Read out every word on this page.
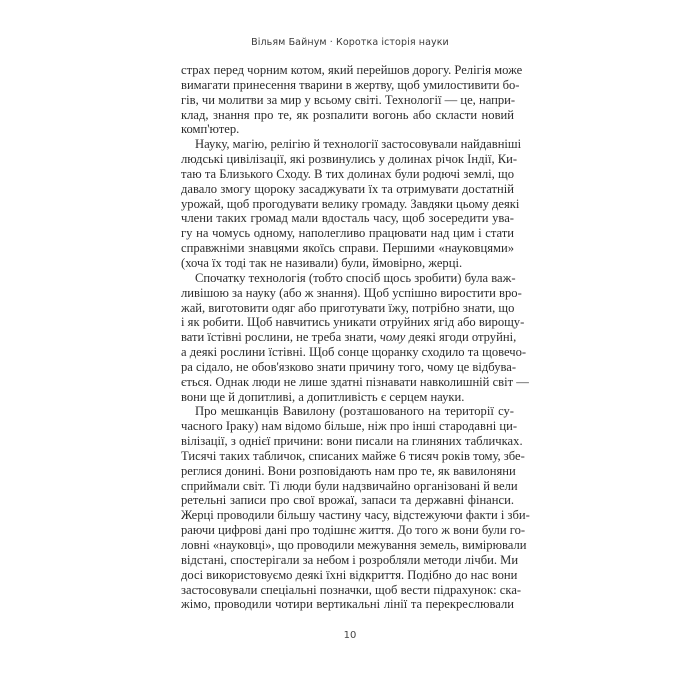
Вільям Байнум · Коротка історія науки
страх перед чорним котом, який перейшов дорогу. Релігія може
вимагати принесення тварини в жертву, щоб умилостивити бо-
гів, чи молитви за мир у всьому світі. Технології — це, напри-
клад, знання про те, як розпалити вогонь або скласти новий
комп'ютер.
Науку, магію, релігію й технології застосовували найдавніші
людські цивілізації, які розвинулись у долинах річок Індії, Ки-
таю та Близького Сходу. В тих долинах були родючі землі, що
давало змогу щороку засаджувати їх та отримувати достатній
урожай, щоб прогодувати велику громаду. Завдяки цьому деякі
члени таких громад мали вдосталь часу, щоб зосередити ува-
гу на чомусь одному, наполегливо працювати над цим і стати
справжніми знавцями якоїсь справи. Першими «науковцями»
(хоча їх тоді так не називали) були, ймовірно, жерці.
Спочатку технологія (тобто спосіб щось зробити) була важ-
ливішою за науку (або ж знання). Щоб успішно виростити вро-
жай, виготовити одяг або приготувати їжу, потрібно знати, що
і як робити. Щоб навчитись уникати отруйних ягід або вирощу-
вати їстівні рослини, не треба знати, чому деякі ягоди отруйні,
а деякі рослини їстівні. Щоб сонце щоранку сходило та щовечо-
ра сідало, не обов'язково знати причину того, чому це відбува-
ється. Однак люди не лише здатні пізнавати навколишній світ —
вони ще й допитливі, а допитливість є серцем науки.
Про мешканців Вавилону (розташованого на території су-
часного Іраку) нам відомо більше, ніж про інші стародавні ци-
вілізації, з однієї причини: вони писали на глиняних табличках.
Тисячі таких табличок, списаних майже 6 тисяч років тому, збе-
реглися донині. Вони розповідають нам про те, як вавилоняни
сприймали світ. Ті люди були надзвичайно організовані й вели
ретельні записи про свої врожаї, запаси та державні фінанси.
Жерці проводили більшу частину часу, відстежуючи факти і зби-
раючи цифрові дані про тодішнє життя. До того ж вони були го-
ловні «науковці», що проводили межування земель, вимірювали
відстані, спостерігали за небом і розробляли методи лічби. Ми
досі використовуємо деякі їхні відкриття. Подібно до нас вони
застосовували спеціальні позначки, щоб вести підрахунок: ска-
жімо, проводили чотири вертикальні лінії та перекреслювали
10
